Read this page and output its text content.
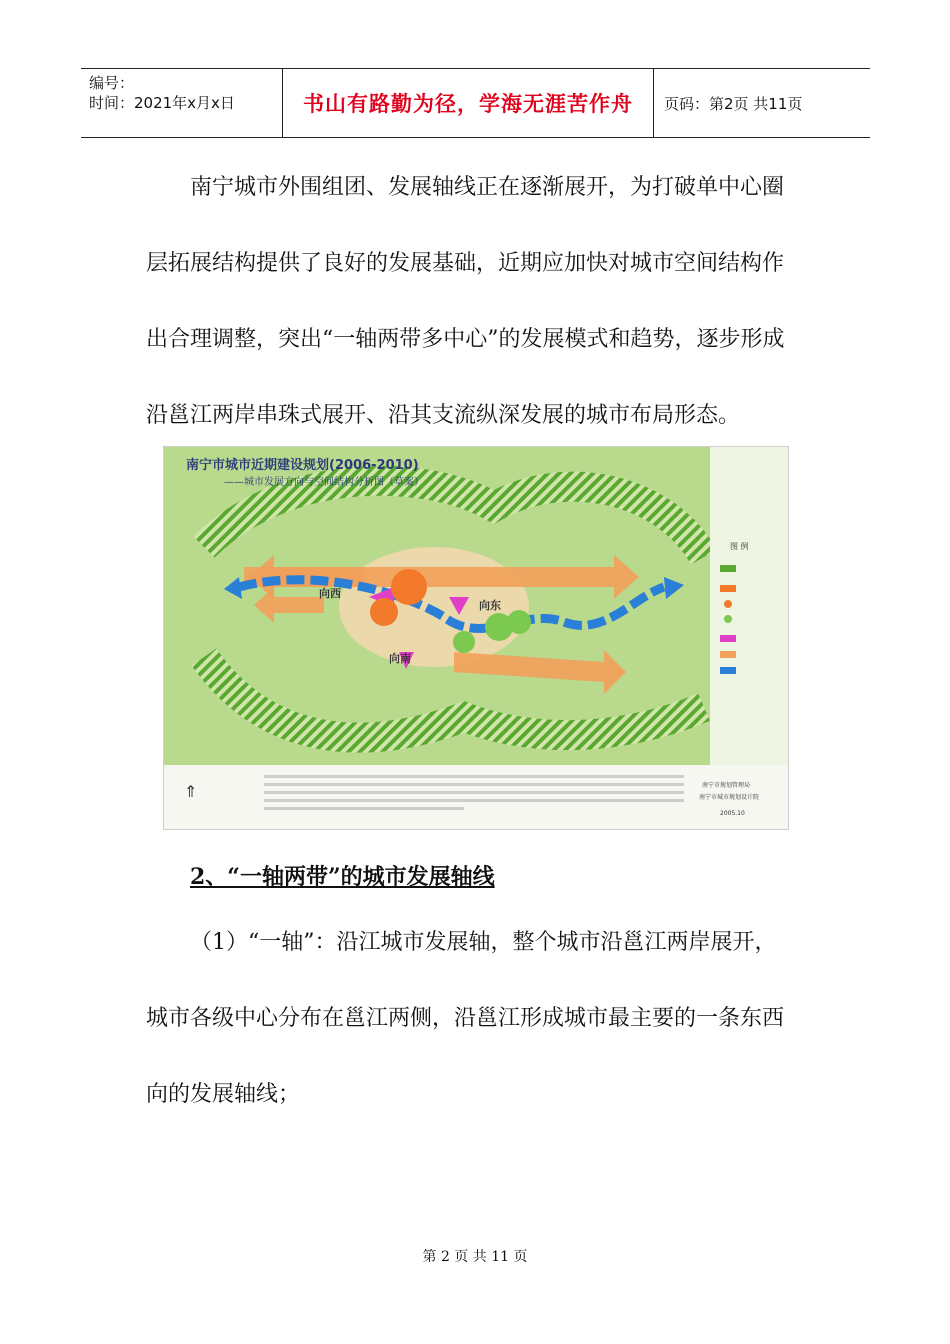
编号：
时间：2021年x月x日	书山有路勤为径，学海无涯苦作舟	页码：第2页 共11页

南宁城市外围组团、发展轴线正在逐渐展开，为打破单中心圈层拓展结构提供了良好的发展基础，近期应加快对城市空间结构作出合理调整，突出“一轴两带多中心”的发展模式和趋势，逐步形成沿邕江两岸串珠式展开、沿其支流纵深发展的城市布局形态。

向西
向东
向南
南宁市城市近期建设规划(2006-2010)
——城市发展方向与空间结构分析图（草案）
图 例
⇑	南宁市规划管理局
南宁市城市规划设计院
2005.10

2、“一轴两带”的城市发展轴线

（1）“一轴”：沿江城市发展轴，整个城市沿邕江两岸展开，城市各级中心分布在邕江两侧，沿邕江形成城市最主要的一条东西向的发展轴线；

第 2 页 共 11 页
